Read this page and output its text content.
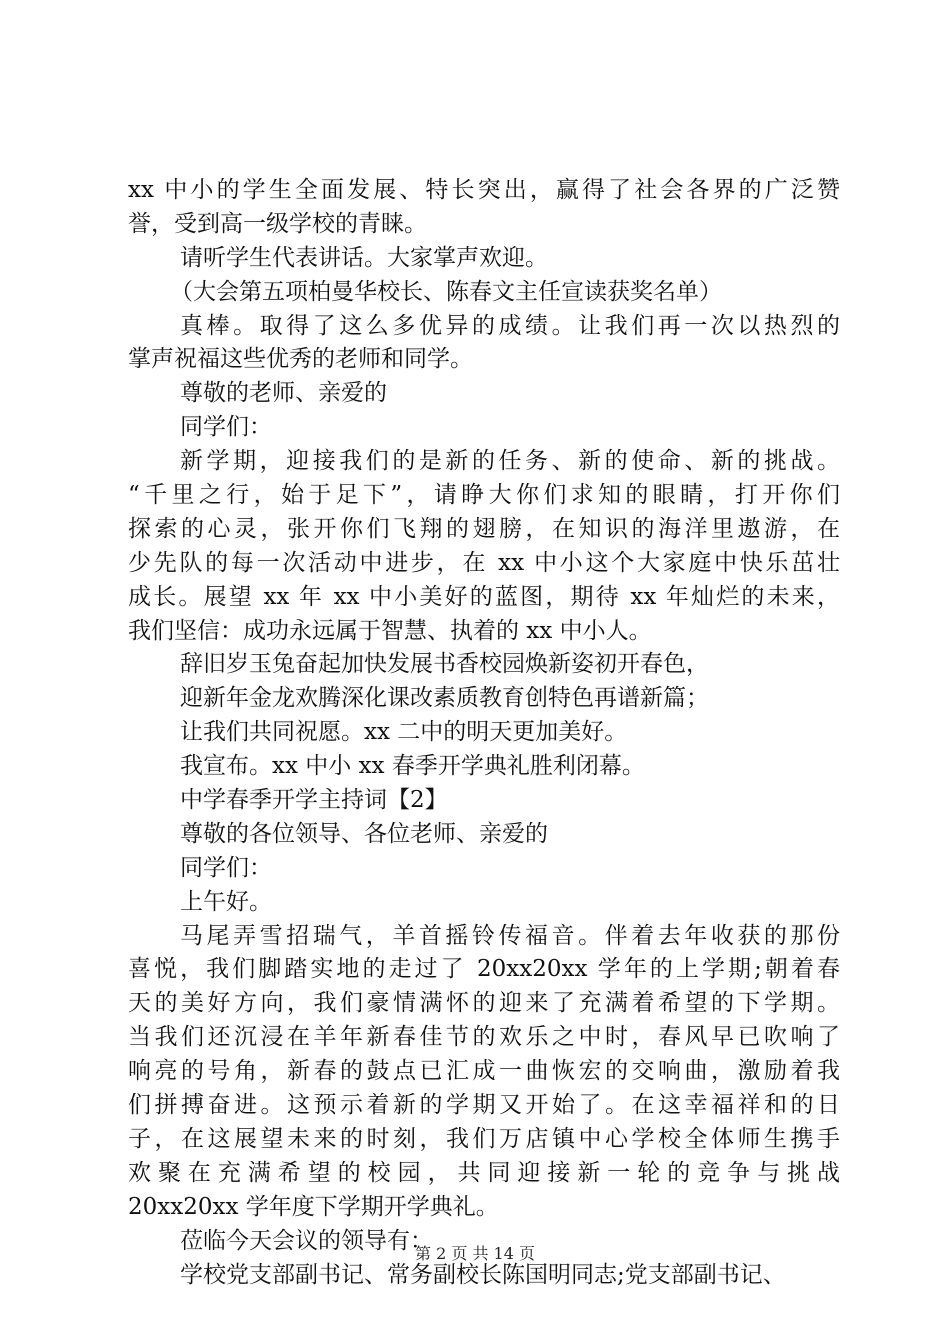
xx 中小的学生全面发展、特长突出，赢得了社会各界的广泛赞
誉，受到高一级学校的青睐。
请听学生代表讲话。大家掌声欢迎。
（大会第五项柏曼华校长、陈春文主任宣读获奖名单）
真棒。取得了这么多优异的成绩。让我们再一次以热烈的
掌声祝福这些优秀的老师和同学。
尊敬的老师、亲爱的
同学们：
新学期，迎接我们的是新的任务、新的使命、新的挑战。
“千里之行，始于足下”，请睁大你们求知的眼睛，打开你们
探索的心灵，张开你们飞翔的翅膀，在知识的海洋里遨游，在
少先队的每一次活动中进步，在 xx 中小这个大家庭中快乐茁壮
成长。展望 xx 年 xx 中小美好的蓝图，期待 xx 年灿烂的未来，
我们坚信：成功永远属于智慧、执着的 xx 中小人。
辞旧岁玉兔奋起加快发展书香校园焕新姿初开春色，
迎新年金龙欢腾深化课改素质教育创特色再谱新篇；
让我们共同祝愿。xx 二中的明天更加美好。
我宣布。xx 中小 xx 春季开学典礼胜利闭幕。
中学春季开学主持词【2】
尊敬的各位领导、各位老师、亲爱的
同学们：
上午好。
马尾弄雪招瑞气，羊首摇铃传福音。伴着去年收获的那份
喜悦，我们脚踏实地的走过了 20xx20xx 学年的上学期;朝着春
天的美好方向，我们豪情满怀的迎来了充满着希望的下学期。
当我们还沉浸在羊年新春佳节的欢乐之中时，春风早已吹响了
响亮的号角，新春的鼓点已汇成一曲恢宏的交响曲，激励着我
们拼搏奋进。这预示着新的学期又开始了。在这幸福祥和的日
子，在这展望未来的时刻，我们万店镇中心学校全体师生携手
欢聚在充满希望的校园，共同迎接新一轮的竞争与挑战
20xx20xx 学年度下学期开学典礼。
莅临今天会议的领导有：
学校党支部副书记、常务副校长陈国明同志;党支部副书记、
第 2 页 共 14 页
